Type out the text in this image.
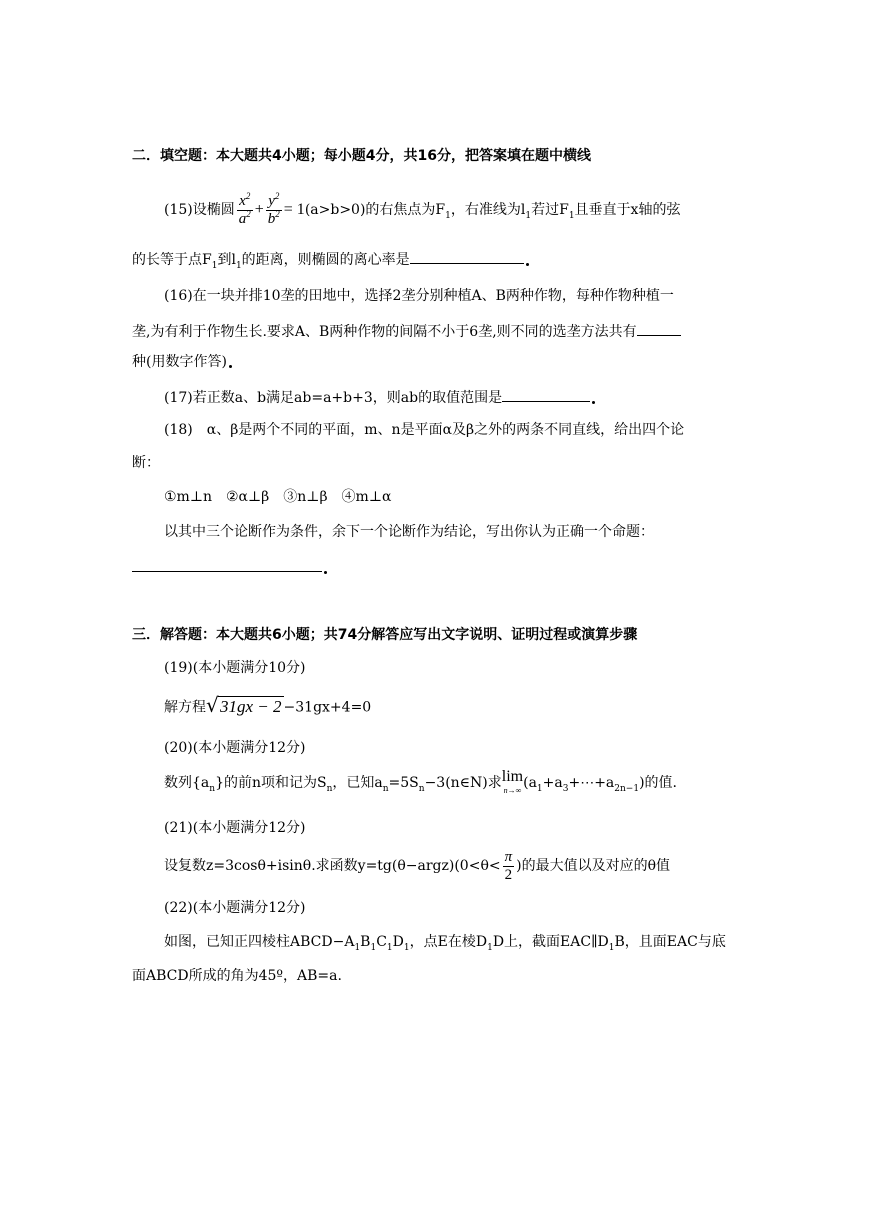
二．填空题：本大题共4小题；每小题4分，共16分，把答案填在题中横线
(15)设椭圆 $\frac{x^2}{a^2} + \frac{y^2}{b^2} = 1(a>b>0)$的右焦点为$F_1$，右准线为$l_1$若过$F_1$且垂直于x轴的弦
的长等于点$F_1$到$l_1$的距离，则椭圆的离心率是
(16)在一块并排10垄的田地中，选择2垄分别种植A、B两种作物，每种作物种植一
垄,为有利于作物生长.要求A、B两种作物的间隔不小于6垄,则不同的选垄方法共有
种(用数字作答)
(17)若正数a、b满足ab=a+b+3，则ab的取值范围是
(18)　α、β是两个不同的平面，m、n是平面α及β之外的两条不同直线，给出四个论
断：
①m⊥n　②α⊥β　③n⊥β　④m⊥α
以其中三个论断作为条件，余下一个论断作为结论，写出你认为正确一个命题：
三．解答题：本大题共6小题；共74分解答应写出文字说明、证明过程或演算步骤
(19)(本小题满分10分)
解方程 √ 31gx − 2 −31gx+4=0
(20)(本小题满分12分)
数列$\{a_n\}$的前n项和记为$S_n$，已知$a_n=5S_n-3(n\in N)$求 lim
n→∞ $(a_1+a_3+\cdots+a_{2n-1})$的值.
(21)(本小题满分12分)
设复数z=3cosθ+isinθ.求函数y=tg(θ−argz)(0<θ< $\frac{\pi}{2}$ )的最大值以及对应的θ值
(22)(本小题满分12分)
如图，已知正四棱柱$ABCD-A_1B_1C_1D_1$，点E在棱$D_1D$上，截面$EAC\parallel D_1B$，且面EAC与底
面ABCD所成的角为45º，AB=a.
